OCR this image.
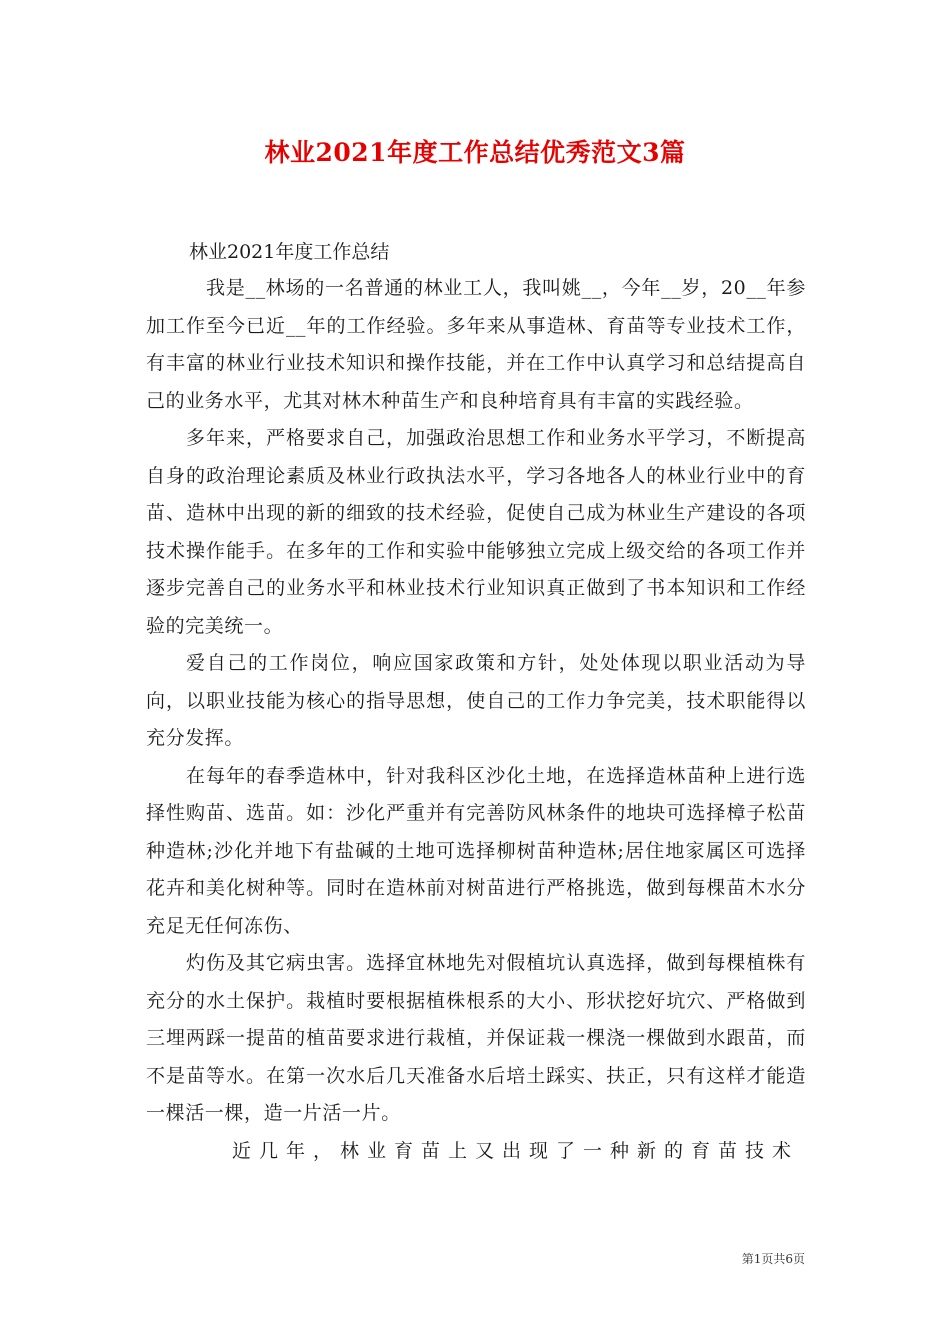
林业2021年度工作总结优秀范文3篇
林业2021年度工作总结

我是__林场的一名普通的林业工人，我叫姚__，今年__岁，20__年参加工作至今已近__年的工作经验。多年来从事造林、育苗等专业技术工作，有丰富的林业行业技术知识和操作技能，并在工作中认真学习和总结提高自己的业务水平，尤其对林木种苗生产和良种培育具有丰富的实践经验。

多年来，严格要求自己，加强政治思想工作和业务水平学习，不断提高自身的政治理论素质及林业行政执法水平，学习各地各人的林业行业中的育苗、造林中出现的新的细致的技术经验，促使自己成为林业生产建设的各项技术操作能手。在多年的工作和实验中能够独立完成上级交给的各项工作并逐步完善自己的业务水平和林业技术行业知识真正做到了书本知识和工作经验的完美统一。

爱自己的工作岗位，响应国家政策和方针，处处体现以职业活动为导向，以职业技能为核心的指导思想，使自己的工作力争完美，技术职能得以充分发挥。

在每年的春季造林中，针对我科区沙化土地，在选择造林苗种上进行选择性购苗、选苗。如：沙化严重并有完善防风林条件的地块可选择樟子松苗种造林;沙化并地下有盐碱的土地可选择柳树苗种造林;居住地家属区可选择花卉和美化树种等。同时在造林前对树苗进行严格挑选，做到每棵苗木水分充足无任何冻伤、

灼伤及其它病虫害。选择宜林地先对假植坑认真选择，做到每棵植株有充分的水土保护。栽植时要根据植株根系的大小、形状挖好坑穴、严格做到三埋两踩一提苗的植苗要求进行栽植，并保证栽一棵浇一棵做到水跟苗，而不是苗等水。在第一次水后几天准备水后培土踩实、扶正，只有这样才能造一棵活一棵，造一片活一片。

近几年，林业育苗上又出现了一种新的育苗技术

第1页共6页
